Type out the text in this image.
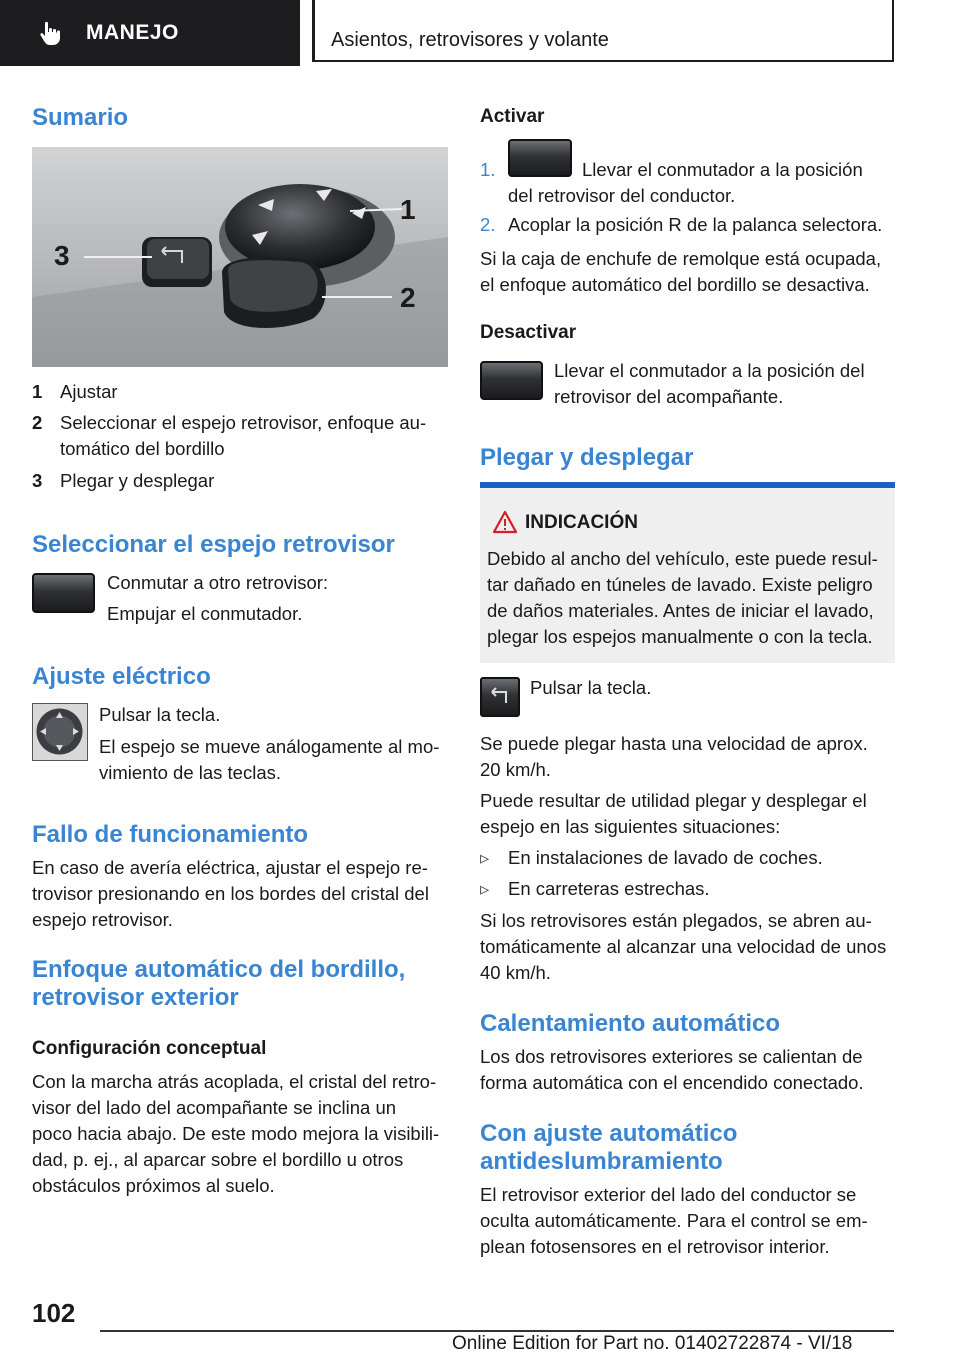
MANEJO	Asientos, retrovisores y volante
Sumario
3
1
2
1 Ajustar
2 Seleccionar el espejo retrovisor, enfoque au-
tomático del bordillo
3 Plegar y desplegar
Seleccionar el espejo retrovisor

Conmutar a otro retrovisor:

Empujar el conmutador.

Ajuste eléctrico

Pulsar la tecla.

El espejo se mueve análogamente al mo-

vimiento de las teclas.

Fallo de funcionamiento

En caso de avería eléctrica, ajustar el espejo re-

trovisor presionando en los bordes del cristal del

espejo retrovisor.

Enfoque automático del bordillo,
retrovisor exterior
Configuración conceptual

Con la marcha atrás acoplada, el cristal del retro-

visor del lado del acompañante se inclina un

poco hacia abajo. De este modo mejora la visibili-

dad, p. ej., al aparcar sobre el bordillo u otros

obstáculos próximos al suelo.

Activar

1.	Llevar el conmutador a la posición

del retrovisor del conductor.

2. Acoplar la posición R de la palanca selectora.

Si la caja de enchufe de remolque está ocupada,

el enfoque automático del bordillo se desactiva.

Desactivar

Llevar el conmutador a la posición del

retrovisor del acompañante.

Plegar y desplegar
INDICACIÓN

Debido al ancho del vehículo, este puede resul-

tar dañado en túneles de lavado. Existe peligro

de daños materiales. Antes de iniciar el lavado,

plegar los espejos manualmente o con la tecla.

Pulsar la tecla.

Se puede plegar hasta una velocidad de aprox.

20 km/h.

Puede resultar de utilidad plegar y desplegar el

espejo en las siguientes situaciones:

▹ En instalaciones de lavado de coches.

▹ En carreteras estrechas.

Si los retrovisores están plegados, se abren au-

tomáticamente al alcanzar una velocidad de unos

40 km/h.

Calentamiento automático

Los dos retrovisores exteriores se calientan de

forma automática con el encendido conectado.

Con ajuste automático
antideslumbramiento

El retrovisor exterior del lado del conductor se

oculta automáticamente. Para el control se em-

plean fotosensores en el retrovisor interior.

102
Online Edition for Part no. 01402722874 - VI/18
